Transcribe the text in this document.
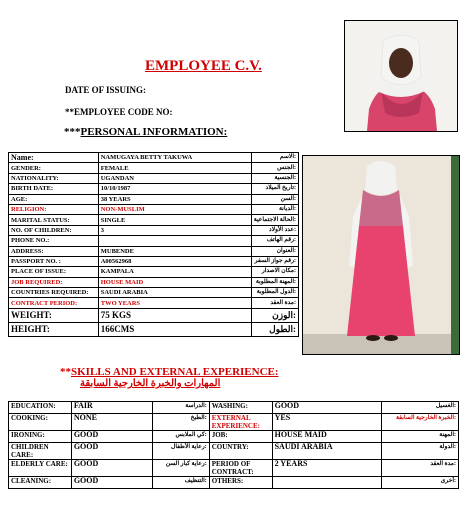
EMPLOYEE C.V.
DATE OF ISSUING:
**EMPLOYEE CODE NO:
***PERSONAL INFORMATION:
Name:	NAMUGAYA BETTY TAKUWA	الاسم:
GENDER:	FEMALE	الجنس:
NATIONALITY:	UGANDAN	الجنسية:
BIRTH DATE:	10/10/1987	تاريخ الميلاد:
AGE:	38 YEARS	السن:
RELIGION:	NON-MUSLIM	الديانة:
MARITAL STATUS:	SINGLE	الحالة الاجتماعية:
NO. OF CHILDREN:	3	عدد الأولاد:
PHONE NO.:		رقم الهاتف:
ADDRESS:	MUBENDE	العنوان:
PASSPORT NO. :	A00562968	رقم جواز السفر:
PLACE OF ISSUE:	KAMPALA	مكان الاصدار:
JOB REQUIRED:	HOUSE MAID	المهنة المطلوبة:
COUNTRIES REQUIRED:	SAUDI ARABIA	الدول المطلوبة:
CONTRACT PERIOD:	TWO YEARS	مدة العقد:
WEIGHT:	75 KGS	الوزن:
HEIGHT:	166CMS	الطول:
**SKILLS AND EXTERNAL EXPERIENCE:
المهارات والخبرة الخارجية السابقة
EDUCATION:	FAIR	الدراسة:	WASHING:	GOOD	الغسيل:
COOKING:	NONE	الطبخ:	EXTERNAL EXPERIENCE:	YES	الخبرة الخارجية السابقة:
IRONING:	GOOD	كي الملابس:	JOB:	HOUSE MAID	المهنة:
CHILDREN CARE:	GOOD	رعاية الأطفال:	COUNTRY:	SAUDI ARABIA	الدولة:
ELDERLY CARE:	GOOD	رعاية كبار السن:	PERIOD OF CONTRACT:	2 YEARS	مدة العقد:
CLEANING:	GOOD	التنظيف:	OTHERS:		أخرى:
